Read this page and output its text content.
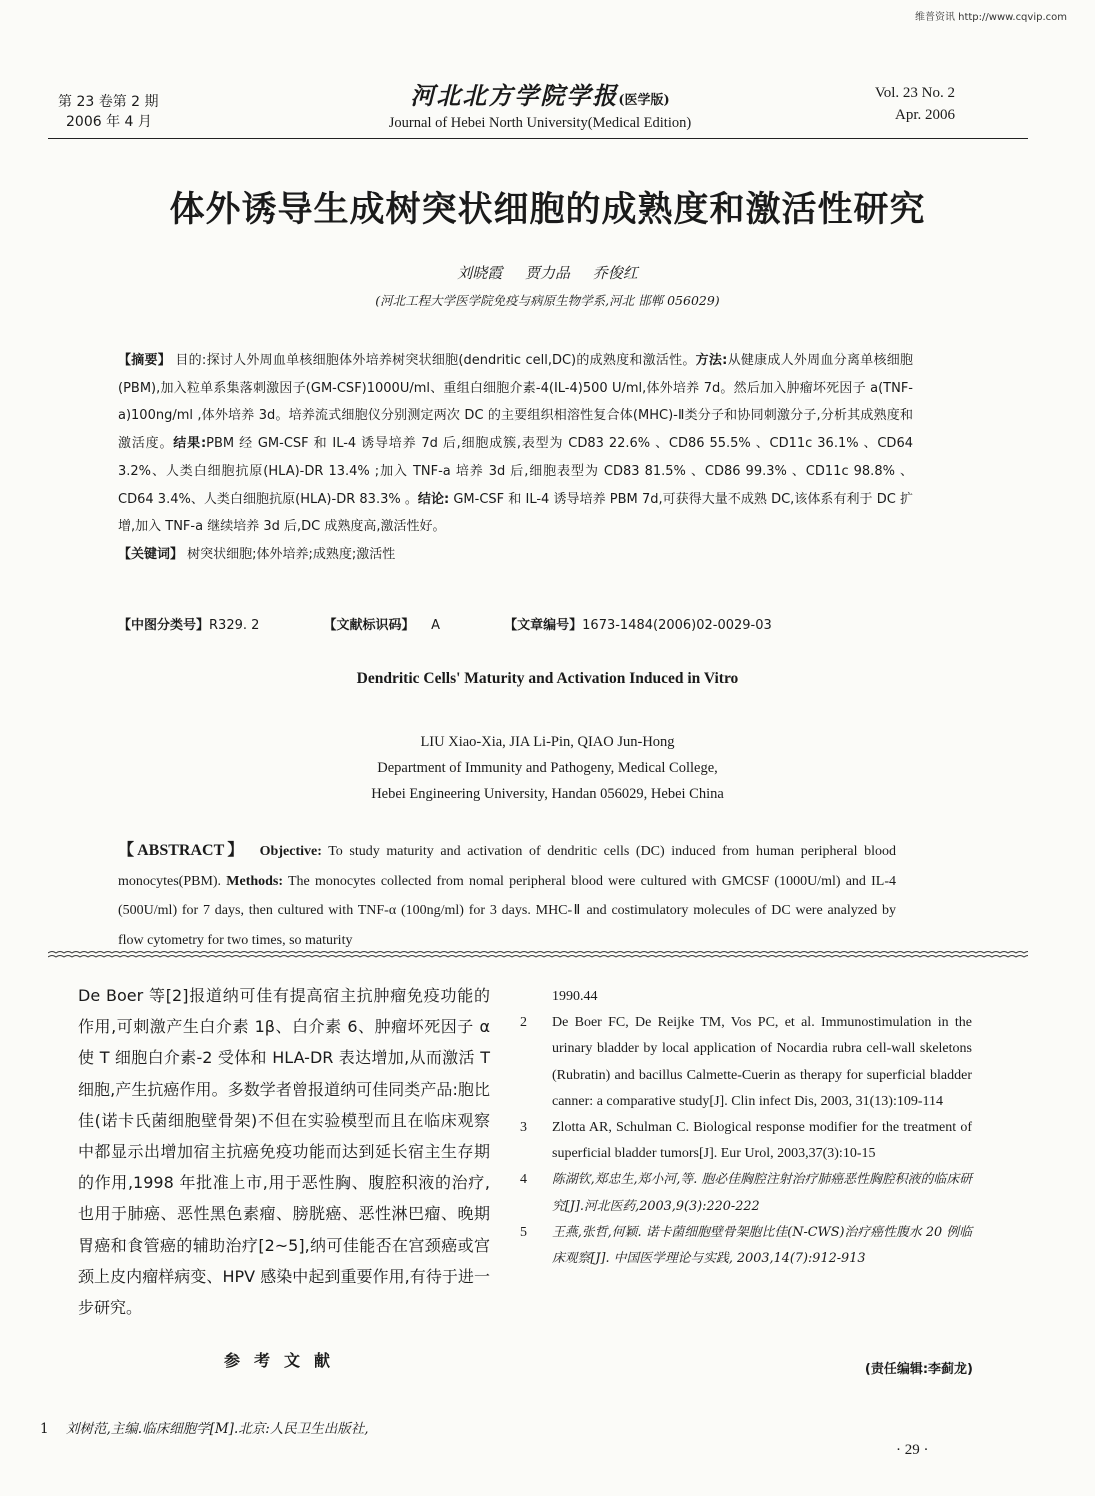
维普资讯 http://www.cqvip.com
第 23 卷第 2 期
2006 年 4 月
河北北方学院学报(医学版)
Journal of Hebei North University(Medical Edition)
Vol. 23 No. 2
Apr. 2006
体外诱导生成树突状细胞的成熟度和激活性研究
刘晓霞 贾力品 乔俊红
(河北工程大学医学院免疫与病原生物学系,河北 邯郸 056029)
【摘要】 目的:探讨人外周血单核细胞体外培养树突状细胞(dendritic cell,DC)的成熟度和激活性。方法:从健康成人外周血分离单核细胞(PBM),加入粒单系集落刺激因子(GM-CSF)1000U/ml、重组白细胞介素-4(IL-4)500 U/ml,体外培养 7d。然后加入肿瘤坏死因子 a(TNF-a)100ng/ml ,体外培养 3d。培养流式细胞仪分别测定两次 DC 的主要组织相溶性复合体(MHC)-Ⅱ类分子和协同刺激分子,分析其成熟度和激活度。结果:PBM 经 GM-CSF 和 IL-4 诱导培养 7d 后,细胞成簇,表型为 CD83 22.6% 、CD86 55.5% 、CD11c 36.1% 、CD64 3.2%、人类白细胞抗原(HLA)-DR 13.4% ;加入 TNF-a 培养 3d 后,细胞表型为 CD83 81.5% 、CD86 99.3% 、CD11c 98.8% 、CD64 3.4%、人类白细胞抗原(HLA)-DR 83.3% 。结论: GM-CSF 和 IL-4 诱导培养 PBM 7d,可获得大量不成熟 DC,该体系有利于 DC 扩增,加入 TNF-a 继续培养 3d 后,DC 成熟度高,激活性好。
【关键词】 树突状细胞;体外培养;成熟度;激活性
【中图分类号】R329. 2	【文献标识码】 A	【文章编号】1673-1484(2006)02-0029-03
Dendritic Cells' Maturity and Activation Induced in Vitro
LIU Xiao-Xia, JIA Li-Pin, QIAO Jun-Hong
Department of Immunity and Pathogeny, Medical College,
Hebei Engineering University, Handan 056029, Hebei China
【ABSTRACT】 Objective: To study maturity and activation of dendritic cells (DC) induced from human peripheral blood monocytes(PBM). Methods: The monocytes collected from nomal peripheral blood were cultured with GMCSF (1000U/ml) and IL-4 (500U/ml) for 7 days, then cultured with TNF-α (100ng/ml) for 3 days. MHC-Ⅱ and costimulatory molecules of DC were analyzed by flow cytometry for two times, so maturity
De Boer 等[2]报道纳可佳有提高宿主抗肿瘤免疫功能的作用,可刺激产生白介素 1β、白介素 6、肿瘤坏死因子 α 使 T 细胞白介素-2 受体和 HLA-DR 表达增加,从而激活 T 细胞,产生抗癌作用。多数学者曾报道纳可佳同类产品:胞比佳(诺卡氏菌细胞壁骨架)不但在实验模型而且在临床观察中都显示出增加宿主抗癌免疫功能而达到延长宿主生存期的作用,1998 年批准上市,用于恶性胸、腹腔积液的治疗,也用于肺癌、恶性黑色素瘤、膀胱癌、恶性淋巴瘤、晚期胃癌和食管癌的辅助治疗[2~5],纳可佳能否在宫颈癌或宫颈上皮内瘤样病变、HPV 感染中起到重要作用,有待于进一步研究。
参考文献
1 刘树范,主编.临床细胞学[M].北京:人民卫生出版社,
1990.44
2	De Boer FC, De Reijke TM, Vos PC, et al. Immunostimulation in the urinary bladder by local application of Nocardia rubra cell-wall skeletons (Rubratin) and bacillus Calmette-Cuerin as therapy for superficial bladder canner: a comparative study[J]. Clin infect Dis, 2003, 31(13):109-114
3	Zlotta AR, Schulman C. Biological response modifier for the treatment of superficial bladder tumors[J]. Eur Urol, 2003,37(3):10-15
4	陈湖钦,郑忠生,郑小河,等. 胞必佳胸腔注射治疗肺癌恶性胸腔积液的临床研究[J].河北医药,2003,9(3):220-222
5	王燕,张哲,何颖. 诺卡菌细胞壁骨架胞比佳(N-CWS)治疗癌性腹水 20 例临床观察[J]. 中国医学理论与实践, 2003,14(7):912-913
(责任编辑:李蓟龙)
· 29 ·
